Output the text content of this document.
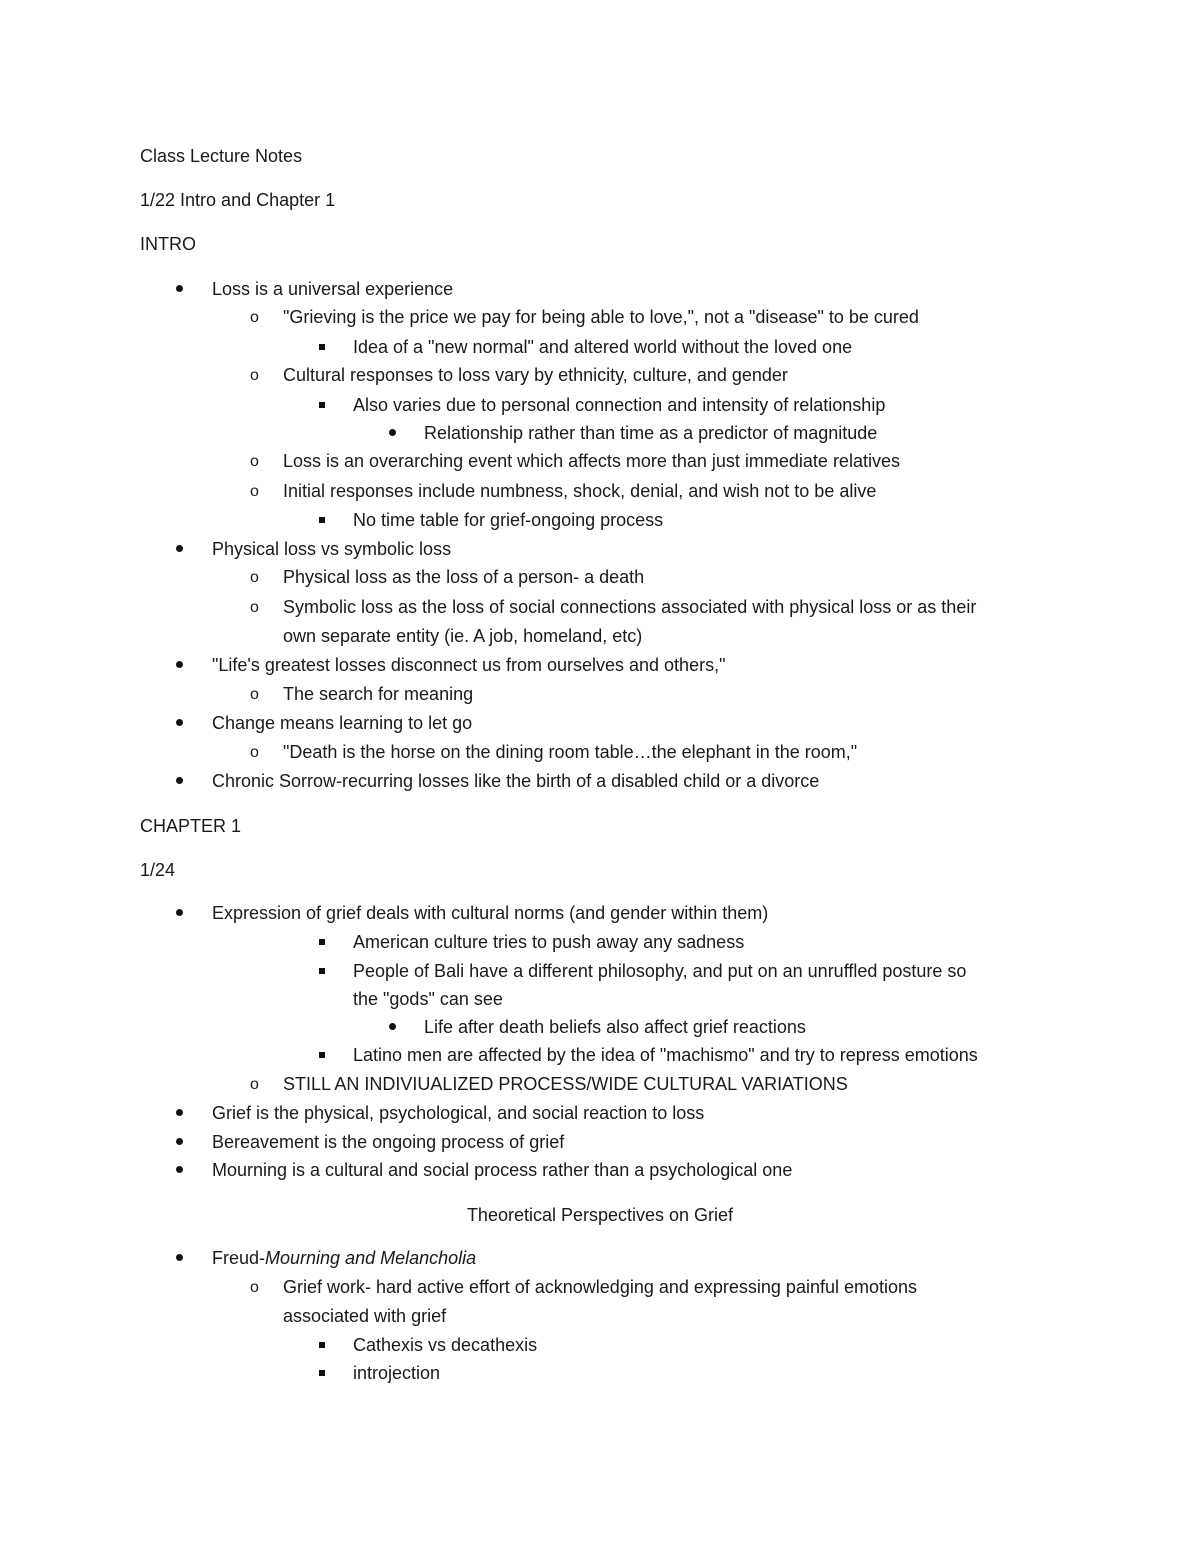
Class Lecture Notes
1/22 Intro and Chapter 1
INTRO
Loss is a universal experience
o "Grieving is the price we pay for being able to love,", not a "disease" to be cured
Idea of a "new normal" and altered world without the loved one
o Cultural responses to loss vary by ethnicity, culture, and gender
Also varies due to personal connection and intensity of relationship
Relationship rather than time as a predictor of magnitude
o Loss is an overarching event which affects more than just immediate relatives
o Initial responses include numbness, shock, denial, and wish not to be alive
No time table for grief-ongoing process
Physical loss vs symbolic loss
o Physical loss as the loss of a person- a death
o Symbolic loss as the loss of social connections associated with physical loss or as their
own separate entity (ie. A job, homeland, etc)
"Life's greatest losses disconnect us from ourselves and others,"
o The search for meaning
Change means learning to let go
o "Death is the horse on the dining room table…the elephant in the room,"
Chronic Sorrow-recurring losses like the birth of a disabled child or a divorce
CHAPTER 1
1/24
Expression of grief deals with cultural norms (and gender within them)
American culture tries to push away any sadness
People of Bali have a different philosophy, and put on an unruffled posture so
the "gods" can see
Life after death beliefs also affect grief reactions
Latino men are affected by the idea of "machismo" and try to repress emotions
o STILL AN INDIVIUALIZED PROCESS/WIDE CULTURAL VARIATIONS
Grief is the physical, psychological, and social reaction to loss
Bereavement is the ongoing process of grief
Mourning is a cultural and social process rather than a psychological one
Theoretical Perspectives on Grief
Freud-Mourning and Melancholia
o Grief work- hard active effort of acknowledging and expressing painful emotions
associated with grief
Cathexis vs decathexis
introjection
